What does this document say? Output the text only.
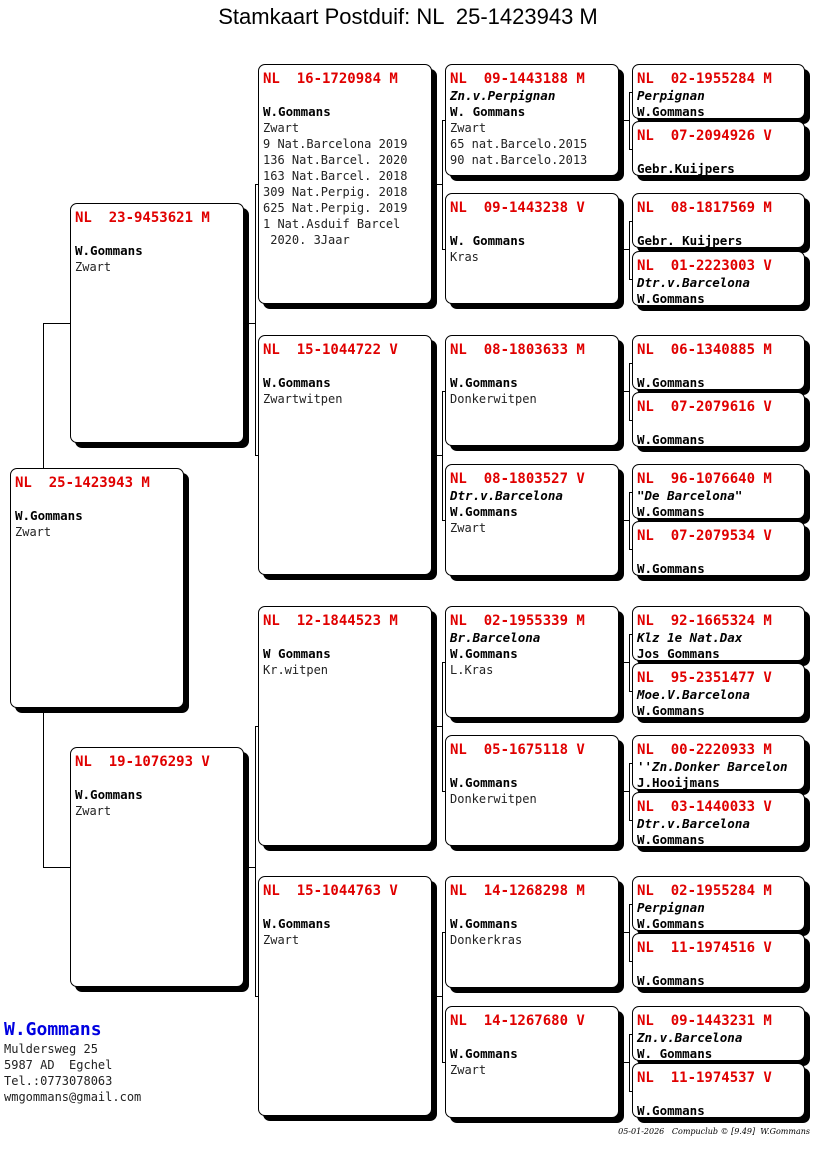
Stamkaart Postduif: NL  25-1423943 M
NL  25-1423943 M
W.Gommans
Zwart
NL  23-9453621 M
W.Gommans
Zwart
NL  19-1076293 V
W.Gommans
Zwart
NL  16-1720984 M
W.Gommans
Zwart
9 Nat.Barcelona 2019
136 Nat.Barcel. 2020
163 Nat.Barcel. 2018
309 Nat.Perpig. 2018
625 Nat.Perpig. 2019
1 Nat.Asduif Barcel
2020. 3Jaar
NL  15-1044722 V
W.Gommans
Zwartwitpen
NL  12-1844523 M
W Gommans
Kr.witpen
NL  15-1044763 V
W.Gommans
Zwart
NL  09-1443188 M
Zn.v.Perpignan
W. Gommans
Zwart
65 nat.Barcelo.2015
90 nat.Barcelo.2013
NL  09-1443238 V
W. Gommans
Kras
NL  08-1803633 M
W.Gommans
Donkerwitpen
NL  08-1803527 V
Dtr.v.Barcelona
W.Gommans
Zwart
NL  02-1955339 M
Br.Barcelona
W.Gommans
L.Kras
NL  05-1675118 V
W.Gommans
Donkerwitpen
NL  14-1268298 M
W.Gommans
Donkerkras
NL  14-1267680 V
W.Gommans
Zwart
NL  02-1955284 M
Perpignan
W.Gommans
NL  07-2094926 V
Gebr.Kuijpers
NL  08-1817569 M
Gebr. Kuijpers
NL  01-2223003 V
Dtr.v.Barcelona
W.Gommans
NL  06-1340885 M
W.Gommans
NL  07-2079616 V
W.Gommans
NL  96-1076640 M
"De Barcelona"
W.Gommans
NL  07-2079534 V
W.Gommans
NL  92-1665324 M
Klz 1e Nat.Dax
Jos Gommans
NL  95-2351477 V
Moe.V.Barcelona
W.Gommans
NL  00-2220933 M
''Zn.Donker Barcelon
J.Hooijmans
NL  03-1440033 V
Dtr.v.Barcelona
W.Gommans
NL  02-1955284 M
Perpignan
W.Gommans
NL  11-1974516 V
W.Gommans
NL  09-1443231 M
Zn.v.Barcelona
W. Gommans
NL  11-1974537 V
W.Gommans
W.Gommans
Muldersweg 25
5987 AD  Egchel
Tel.:0773078063
wmgommans@gmail.com
05-01-2026   Compuclub © [9.49]  W.Gommans
